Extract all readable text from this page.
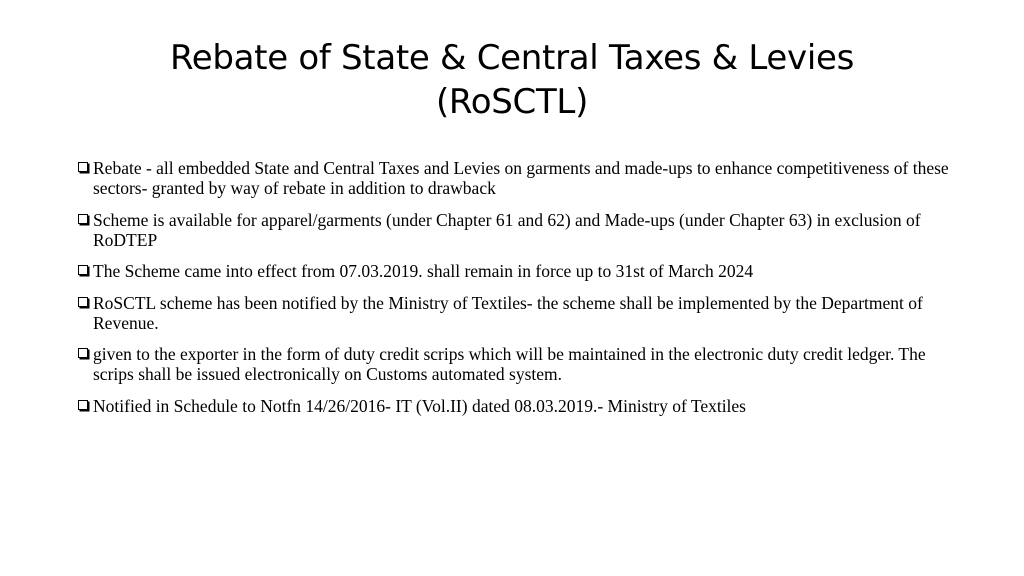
Rebate of State & Central Taxes & Levies
(RoSCTL)
Rebate - all embedded State and Central Taxes and Levies on garments and made-ups to enhance competitiveness of these sectors- granted by way of rebate in addition to drawback
Scheme is available for apparel/garments (under Chapter 61 and 62) and Made-ups (under Chapter 63) in exclusion of RoDTEP
The Scheme came into effect from 07.03.2019. shall remain in force up to 31st of March 2024
RoSCTL scheme has been notified by the Ministry of Textiles- the scheme shall be implemented by the Department of Revenue.
given to the exporter in the form of duty credit scrips which will be maintained in the electronic duty credit ledger. The scrips shall be issued electronically on Customs automated system.
Notified in Schedule to Notfn 14/26/2016- IT (Vol.II) dated 08.03.2019.- Ministry of Textiles
